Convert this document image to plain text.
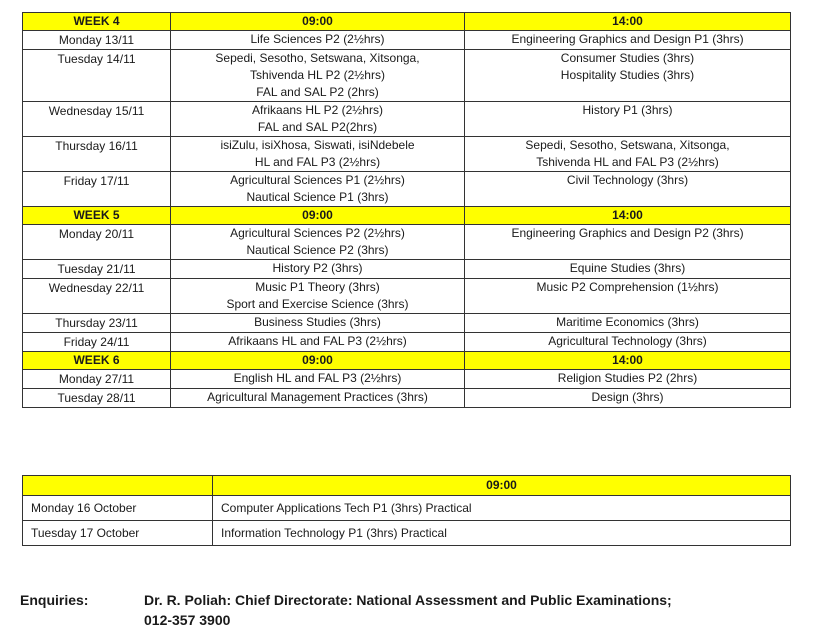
WEEK 4	09:00	14:00
Monday 13/11	Life Sciences P2 (2½hrs)	Engineering Graphics and Design P1 (3hrs)

Tuesday 14/11	Sepedi, Sesotho, Setswana, Xitsonga,
Tshivenda HL P2 (2½hrs)
FAL and SAL P2 (2hrs)	Consumer Studies (3hrs)
Hospitality Studies (3hrs)

Wednesday 15/11	Afrikaans HL P2 (2½hrs)
FAL and SAL P2(2hrs)	History P1 (3hrs)

Thursday 16/11	isiZulu, isiXhosa, Siswati, isiNdebele
HL and FAL P3 (2½hrs)	Sepedi, Sesotho, Setswana, Xitsonga,
Tshivenda HL and FAL P3 (2½hrs)

Friday 17/11	Agricultural Sciences P1 (2½hrs)
Nautical Science P1 (3hrs)	Civil Technology (3hrs)

WEEK 5	09:00	14:00
Monday 20/11	Agricultural Sciences P2 (2½hrs)
Nautical Science P2 (3hrs)	Engineering Graphics and Design P2 (3hrs)

Tuesday 21/11	History P2 (3hrs)	Equine Studies (3hrs)

Wednesday 22/11	Music P1 Theory (3hrs)
Sport and Exercise Science (3hrs)	Music P2 Comprehension (1½hrs)

Thursday 23/11	Business Studies (3hrs)	Maritime Economics (3hrs)

Friday 24/11	Afrikaans HL and FAL P3 (2½hrs)	Agricultural Technology (3hrs)

WEEK 6	09:00	14:00
Monday 27/11	English HL and FAL P3 (2½hrs)	Religion Studies P2 (2hrs)

Tuesday 28/11	Agricultural Management Practices (3hrs)	Design (3hrs)
	09:00
Monday 16 October	Computer Applications Tech P1 (3hrs) Practical
Tuesday 17 October	Information Technology P1 (3hrs) Practical
Enquiries:	Dr. R. Poliah: Chief Directorate: National Assessment and Public Examinations;
012-357 3900
